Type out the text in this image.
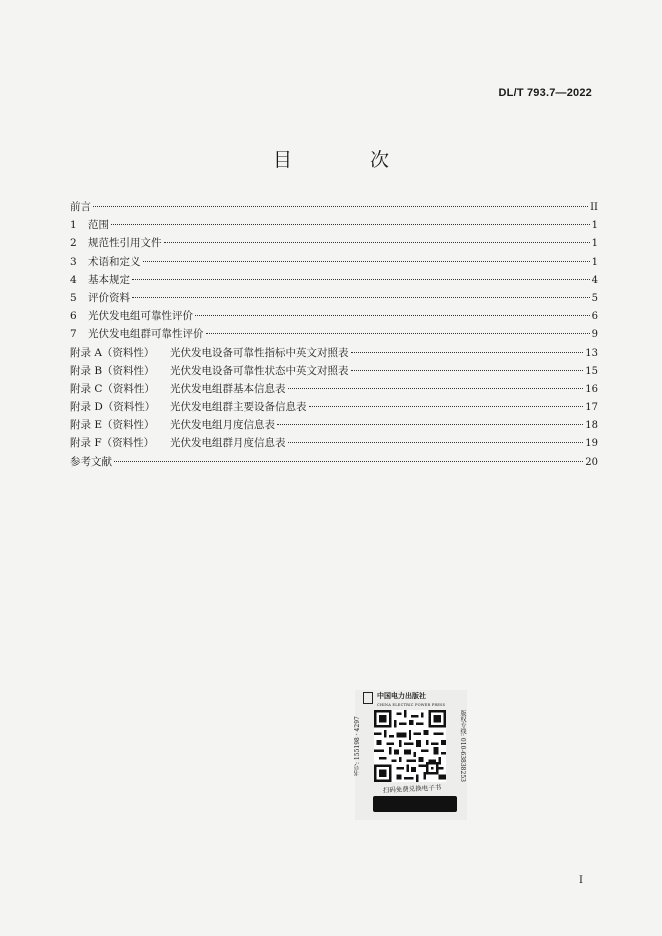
DL/T 793.7—2022
目 次
前言	II
1	范围	1
2	规范性引用文件	1
3	术语和定义	1
4	基本规定	4
5	评价资料	5
6	光伏发电组可靠性评价	6
7	光伏发电组群可靠性评价	9
附录 A（资料性）	光伏发电设备可靠性指标中英文对照表	13
附录 B（资料性）	光伏发电设备可靠性状态中英文对照表	15
附录 C（资料性）	光伏发电组群基本信息表	16
附录 D（资料性）	光伏发电组群主要设备信息表	17
附录 E（资料性）	光伏发电组月度信息表	18
附录 F（资料性）	光伏发电组群月度信息表	19
参考文献	20
中国电力出版社
CHINA ELECTRIC POWER PRESS
书号: 155198 · 4297	版权专线: 010-63838253
扫码免费兑换电子书
I
